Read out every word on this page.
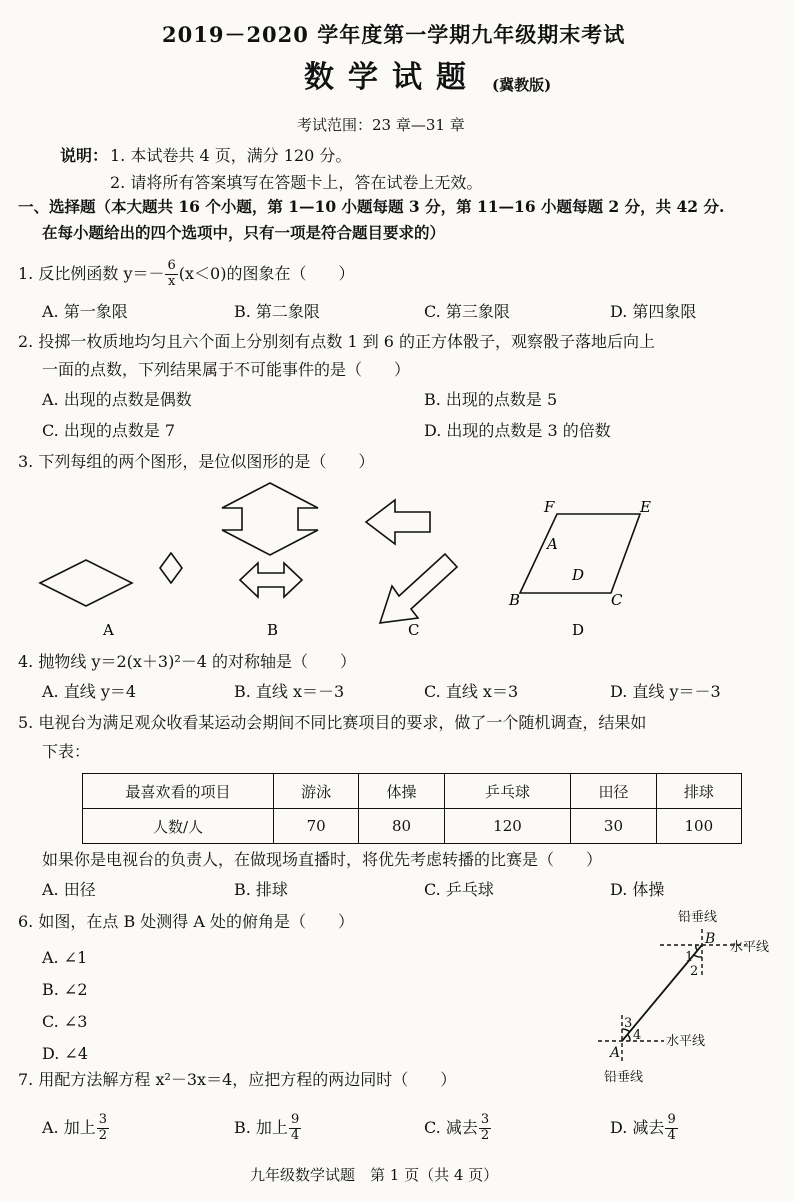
2019－2020 学年度第一学期九年级期末考试
数学试题 (冀教版)
考试范围：23 章—31 章
说明： 1. 本试卷共 4 页，满分 120 分。
2. 请将所有答案填写在答题卡上，答在试卷上无效。
一、选择题（本大题共 16 个小题，第 1—10 小题每题 3 分，第 11—16 小题每题 2 分，共 42 分.
在每小题给出的四个选项中，只有一项是符合题目要求的）
1. 反比例函数 $y=- \frac{6}{x} (x<0)$的图象在（　　）
A. 第一象限	B. 第二象限	C. 第三象限	D. 第四象限
2. 投掷一枚质地均匀且六个面上分别刻有点数 1 到 6 的正方体骰子，观察骰子落地后向上
一面的点数，下列结果属于不可能事件的是（　　）
A. 出现的点数是偶数	B. 出现的点数是 5
C. 出现的点数是 7	D. 出现的点数是 3 的倍数
3. 下列每组的两个图形，是位似图形的是（　　）
A	B	C	D
F	E
A
D
B	C
4. 抛物线 y＝2(x＋3)²－4 的对称轴是（　　）
A. 直线 y＝4	B. 直线 x＝－3	C. 直线 x＝3	D. 直线 y＝－3
5. 电视台为满足观众收看某运动会期间不同比赛项目的要求，做了一个随机调查，结果如
下表：
最喜欢看的项目	游泳	体操	乒乓球	田径	排球
人数/人	70	80	120	30	100
如果你是电视台的负责人，在做现场直播时，将优先考虑转播的比赛是（　　）
A. 田径	B. 排球	C. 乒乓球	D. 体操
6. 如图，在点 B 处测得 A 处的俯角是（　　）
A. ∠1
B. ∠2
C. ∠3
D. ∠4
铅垂线
水平线
水平线
铅垂线
B
A
1
2
3
4
7. 用配方法解方程 x²－3x＝4，应把方程的两边同时（　　）
A. 加上 $\frac{3}{2}$	B. 加上 $\frac{9}{4}$	C. 减去 $\frac{3}{2}$	D. 减去 $\frac{9}{4}$
九年级数学试题　第 1 页（共 4 页）
